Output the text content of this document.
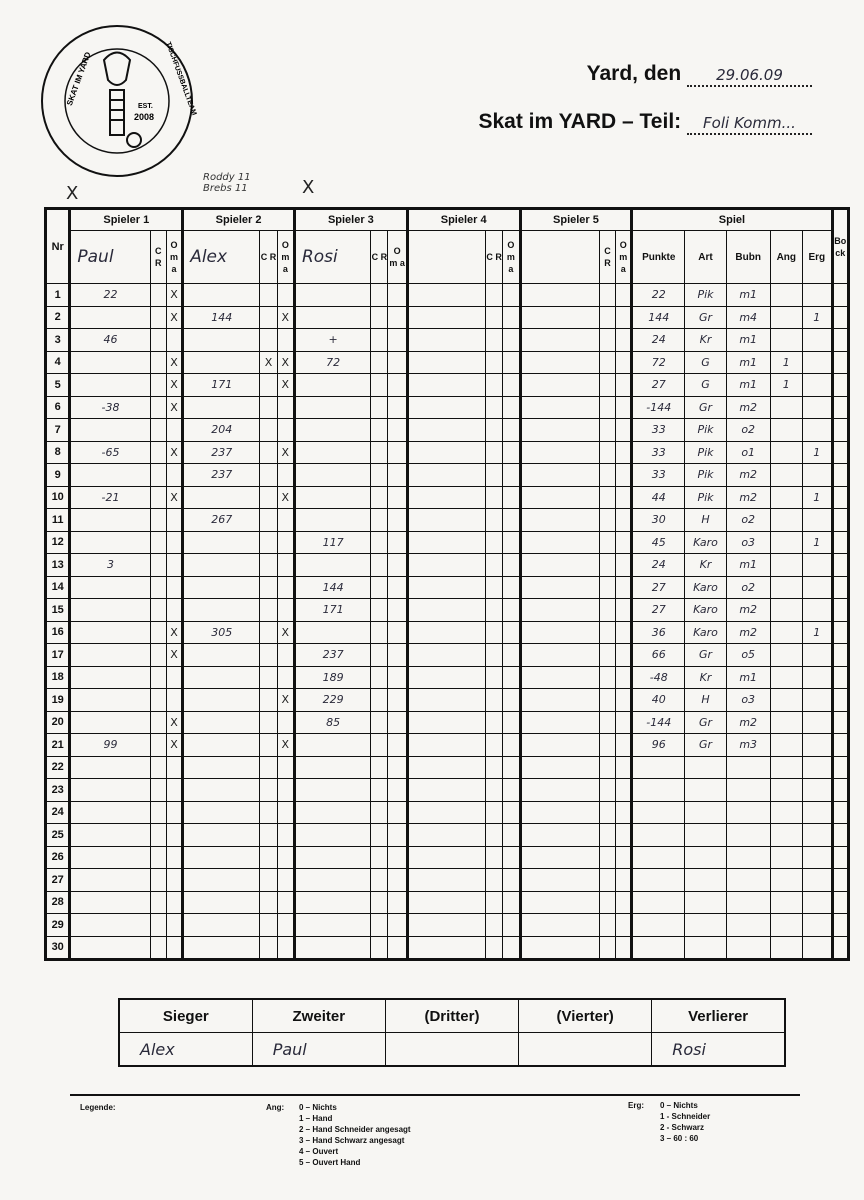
EST.
2008
SKAT IM YARD	TISCHFUSSBALLTEAM	Yard, den 29.06.09
Skat im YARD – Teil: Foli Komm...
Roddy 11 Brebs 11
X	X
Nr	Spieler 1			Spieler 2			Spieler 3			Spieler 4			Spieler 5			Spiel					Bock
	Paul	C R	O m a	Alex	C R	O m a	Rosi	C R	O m a		C R	O m a		C R	O m a	Punkte	Art	Bubn	Ang	Erg	
1	22		X													22	Pik	m1			
2			X	144		X										144	Gr	m4		1	
3	46						+									24	Kr	m1			
4			X		X	X	72									72	G	m1	1		
5			X	171		X										27	G	m1	1		
6	-38		X													-144	Gr	m2			
7				204												33	Pik	o2			
8	-65		X	237		X										33	Pik	o1		1	
9				237												33	Pik	m2			
10	-21		X			X										44	Pik	m2		1	
11				267												30	H	o2			
12							117									45	Karo	o3		1	
13	3															24	Kr	m1			
14							144									27	Karo	o2			
15							171									27	Karo	m2			
16			X	305		X										36	Karo	m2		1	
17			X				237									66	Gr	o5			
18							189									-48	Kr	m1			
19						X	229									40	H	o3			
20			X				85									-144	Gr	m2			
21	99		X			X										96	Gr	m3			
22																					
23																					
24																					
25																					
26																					
27																					
28																					
29																					
30																					
Sieger	Zweiter	(Dritter)	(Vierter)	Verlierer
Alex	Paul			Rosi
Legende:	Ang: 0 – Nichts
1 – Hand
2 – Hand Schneider angesagt
3 – Hand Schwarz angesagt
4 – Ouvert
5 – Ouvert Hand
Erg: 0 – Nichts
1 - Schneider
2 - Schwarz
3 – 60 : 60
